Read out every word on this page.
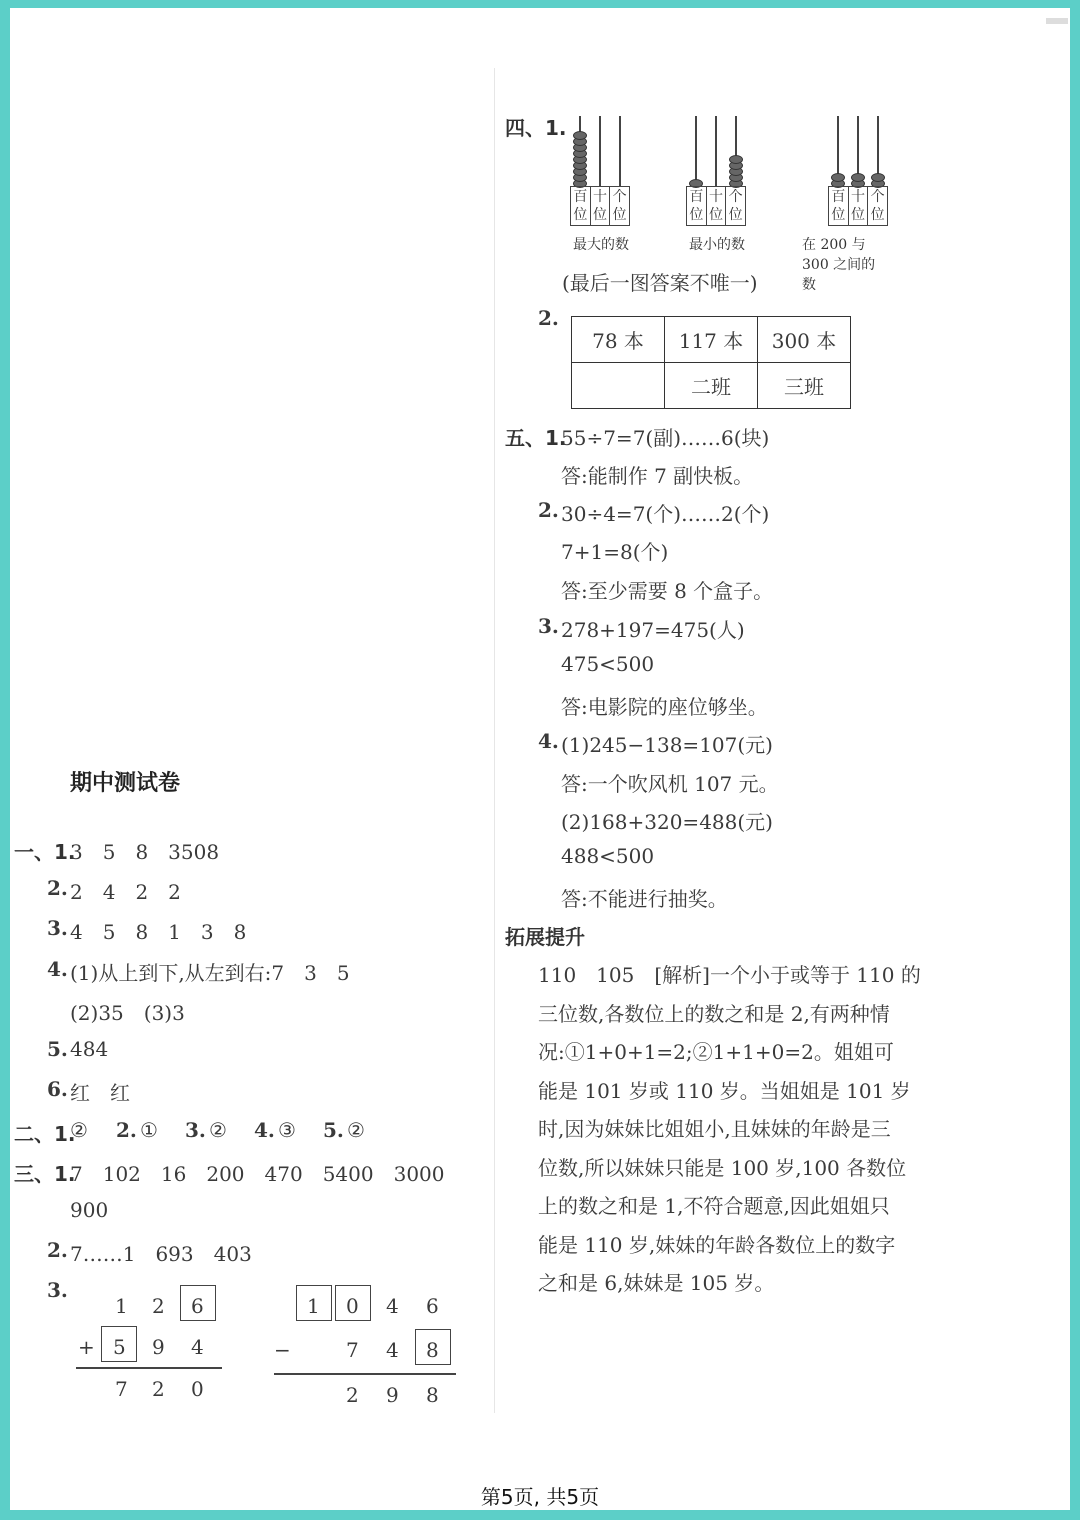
期中测试卷
一、1.
3　5　8　3508
2. 2　4　2　2
3. 4　5　8　1　3　8
4. (1)从上到下,从左到右:7　3　5
(2)35　(3)3
5. 484
6. 红　红
二、1.
② 2. ① 3. ② 4. ③ 5. ②
三、1.
7　102　16　200　470　5400　3000
900
2. 7……1　693　403
3.
1 2 6
+ 5 9 4
7 2 0
1 0 4 6
−	7 4 8
2 9 8
四、1.
百
位
十
位
个
位
最大的数
百
位
十
位
个
位
最小的数
百
位
十
位
个
位
在 200 与 300 之间的数
(最后一图答案不唯一)
2.
78 本	117 本	300 本
	二班	三班
五、1.
55÷7=7(副)……6(块)
答:能制作 7 副快板。
2. 30÷4=7(个)……2(个)
7+1=8(个)
答:至少需要 8 个盒子。
3. 278+197=475(人)
475<500
答:电影院的座位够坐。
4. (1)245−138=107(元)
答:一个吹风机 107 元。
(2)168+320=488(元)
488<500
答:不能进行抽奖。
拓展提升
110　105　[解析]一个小于或等于 110 的
三位数,各数位上的数之和是 2,有两种情
况:①1+0+1=2;②1+1+0=2。姐姐可
能是 101 岁或 110 岁。当姐姐是 101 岁
时,因为妹妹比姐姐小,且妹妹的年龄是三
位数,所以妹妹只能是 100 岁,100 各数位
上的数之和是 1,不符合题意,因此姐姐只
能是 110 岁,妹妹的年龄各数位上的数字
之和是 6,妹妹是 105 岁。
第5页, 共5页
